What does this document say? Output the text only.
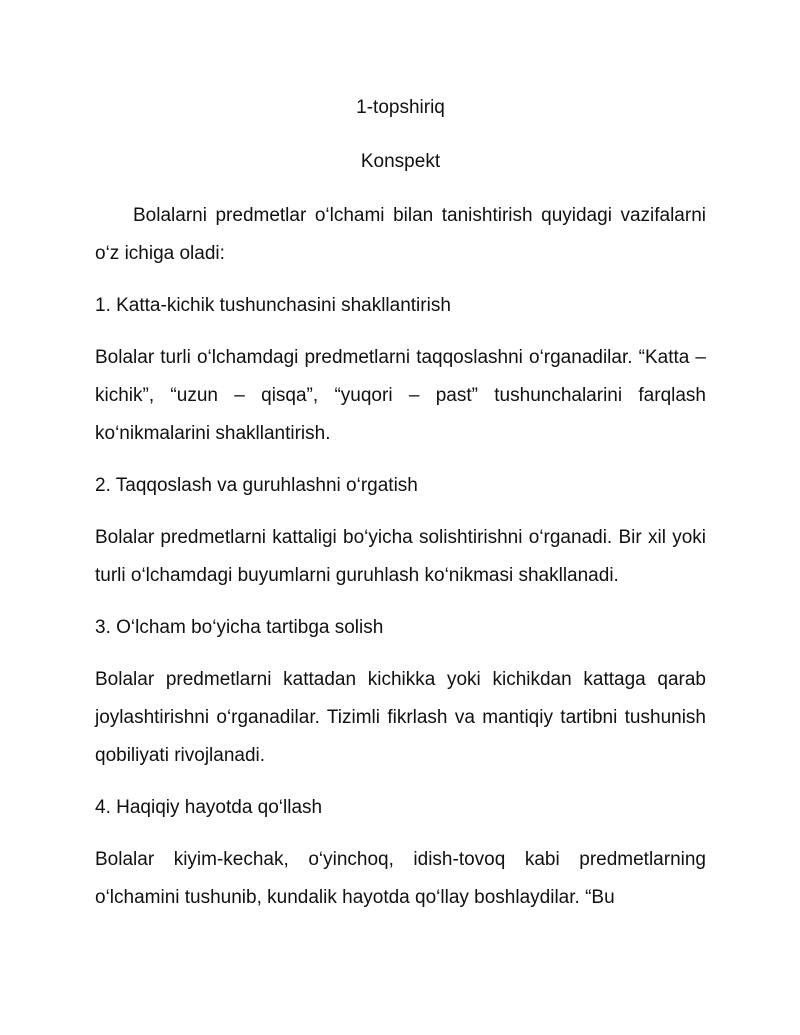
1-topshiriq

Konspekt

Bolalarni predmetlar o‘lchami bilan tanishtirish quyidagi vazifalarni o‘z ichiga oladi:

1. Katta-kichik tushunchasini shakllantirish

Bolalar turli o‘lchamdagi predmetlarni taqqoslashni o‘rganadilar. “Katta – kichik”, “uzun – qisqa”, “yuqori – past” tushunchalarini farqlash ko‘nikmalarini shakllantirish.

2. Taqqoslash va guruhlashni o‘rgatish

Bolalar predmetlarni kattaligi bo‘yicha solishtirishni o‘rganadi. Bir xil yoki turli o‘lchamdagi buyumlarni guruhlash ko‘nikmasi shakllanadi.

3. O‘lcham bo‘yicha tartibga solish

Bolalar predmetlarni kattadan kichikka yoki kichikdan kattaga qarab joylashtirishni o‘rganadilar. Tizimli fikrlash va mantiqiy tartibni tushunish qobiliyati rivojlanadi.

4. Haqiqiy hayotda qo‘llash

Bolalar kiyim-kechak, o‘yinchoq, idish-tovoq kabi predmetlarning o‘lchamini tushunib, kundalik hayotda qo‘llay boshlaydilar. “Bu
